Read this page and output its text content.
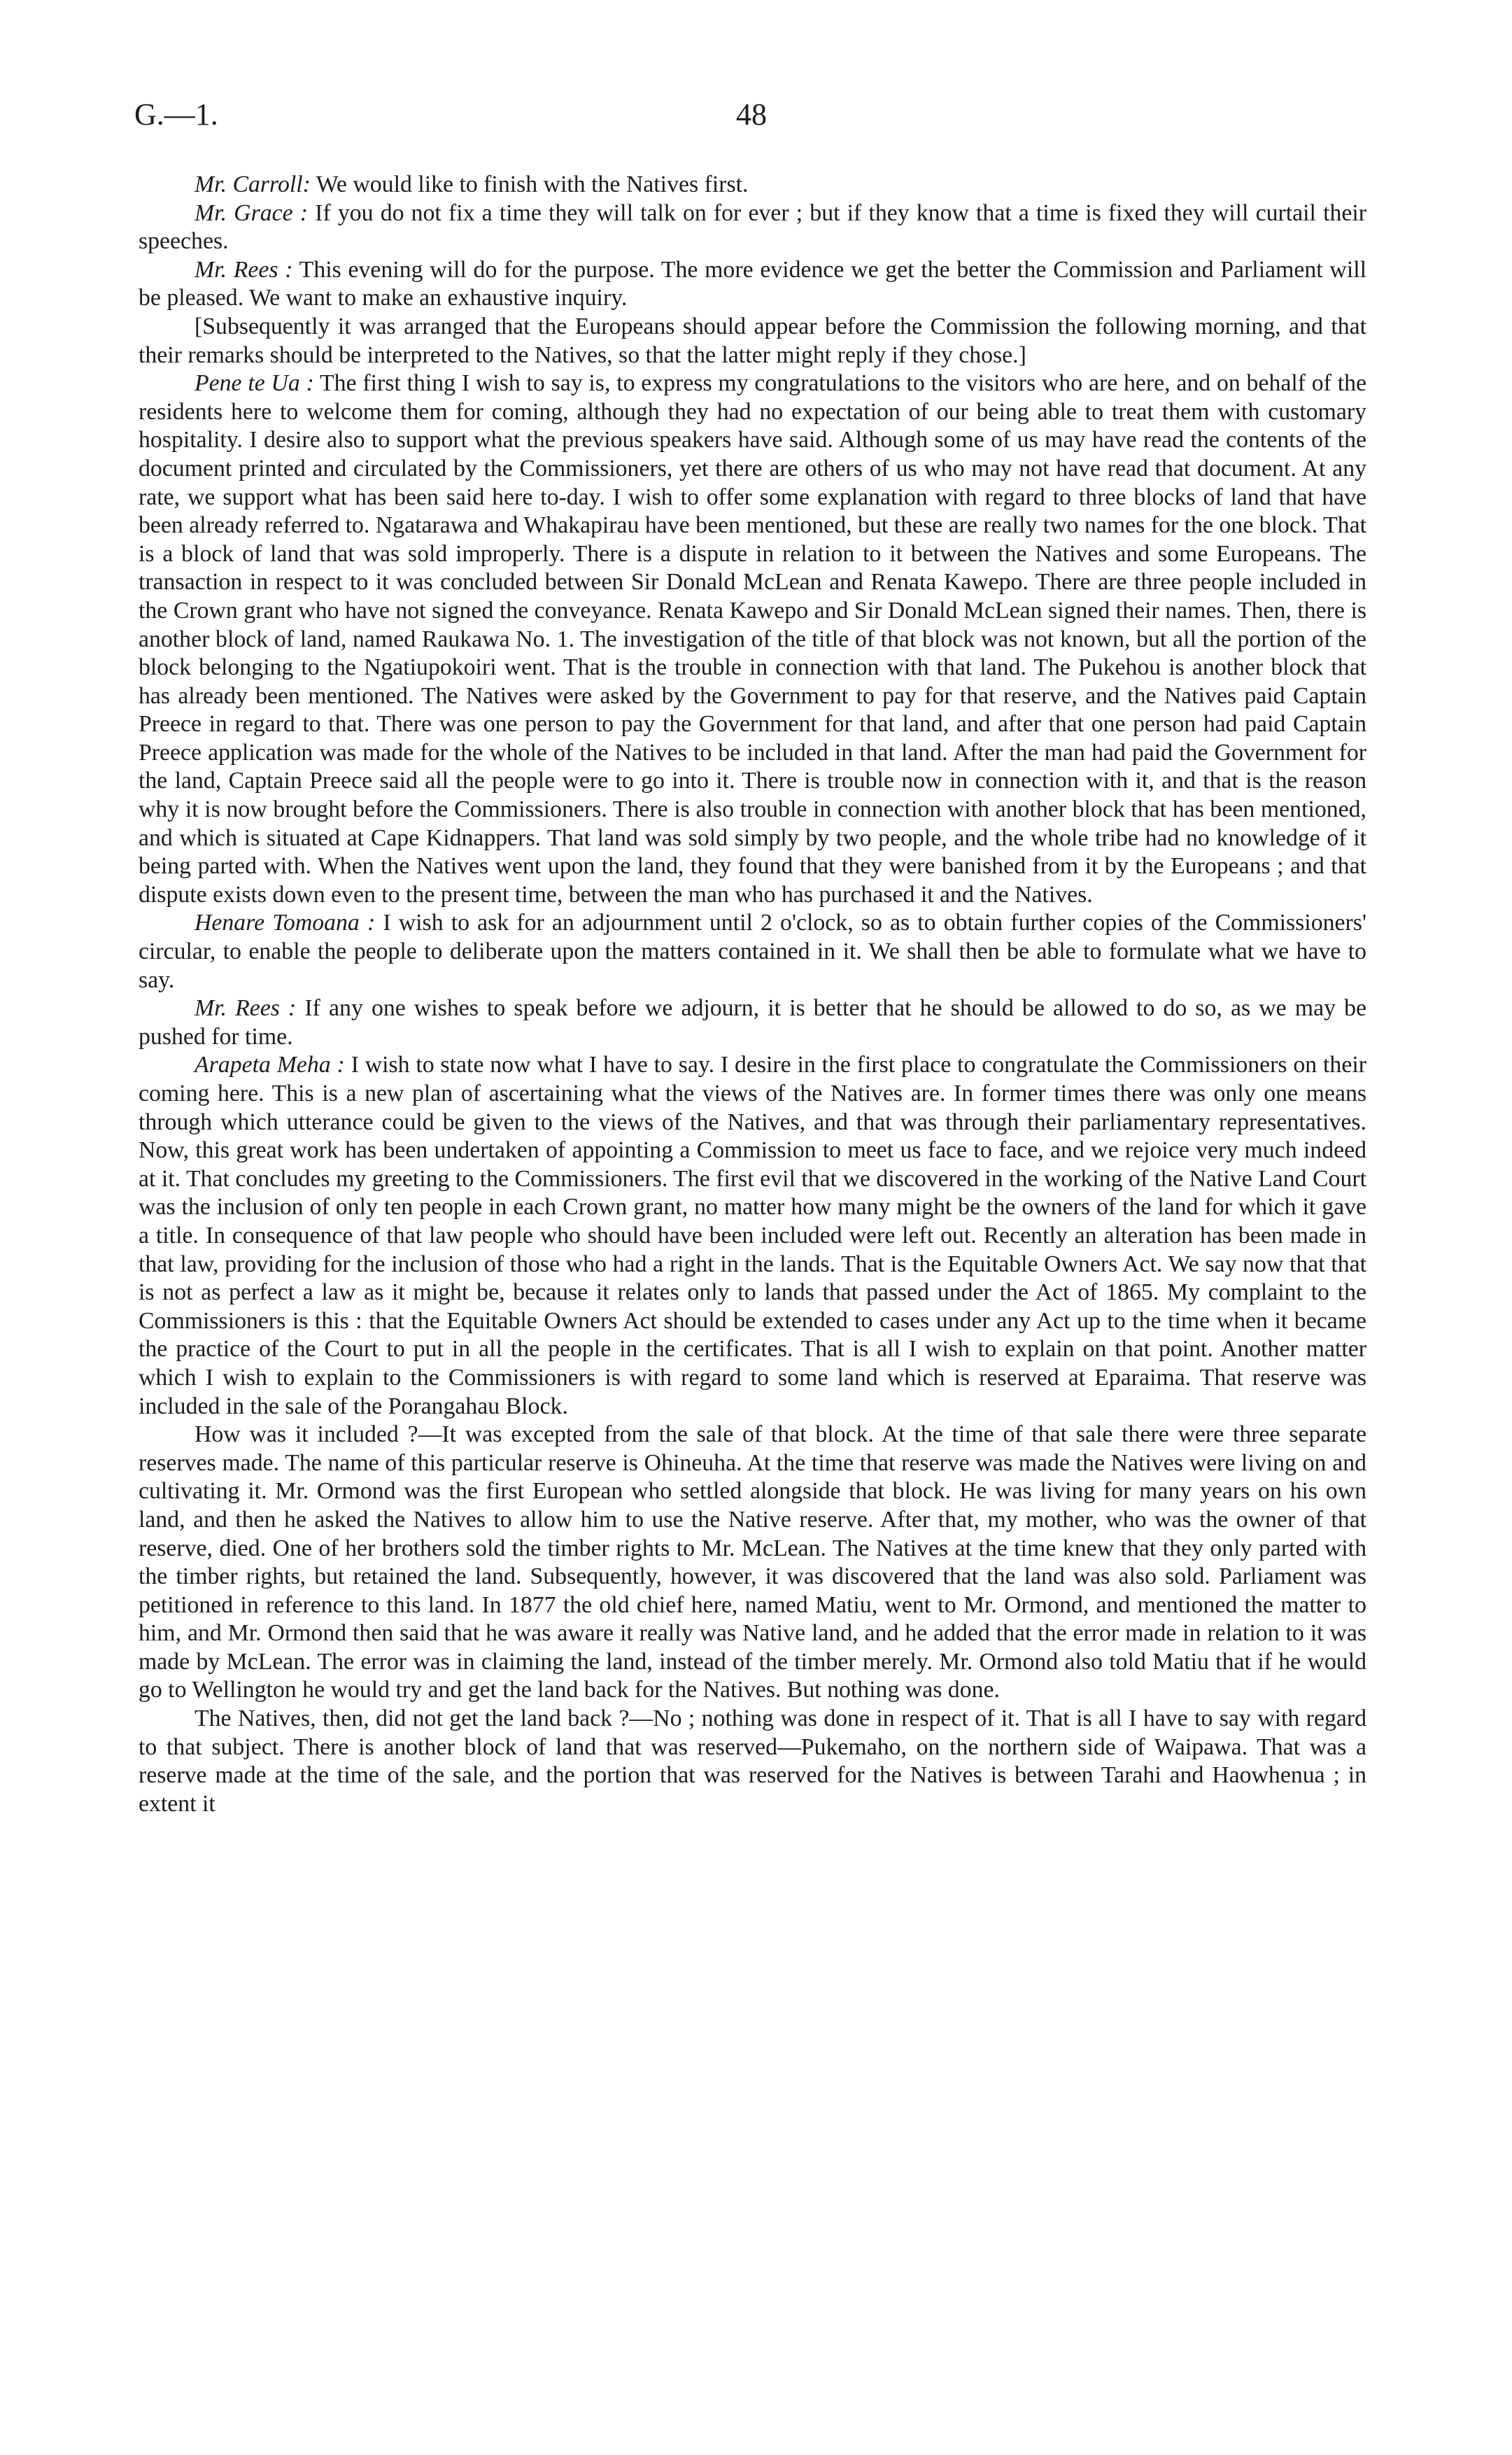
G.—1.	48

Mr. Carroll: We would like to finish with the Natives first.

Mr. Grace : If you do not fix a time they will talk on for ever ; but if they know that a time is fixed they will curtail their speeches.

Mr. Rees : This evening will do for the purpose. The more evidence we get the better the Commission and Parliament will be pleased. We want to make an exhaustive inquiry.

[Subsequently it was arranged that the Europeans should appear before the Commission the following morning, and that their remarks should be interpreted to the Natives, so that the latter might reply if they chose.]

Pene te Ua : The first thing I wish to say is, to express my congratulations to the visitors who are here, and on behalf of the residents here to welcome them for coming, although they had no expectation of our being able to treat them with customary hospitality. I desire also to support what the previous speakers have said. Although some of us may have read the contents of the document printed and circulated by the Commissioners, yet there are others of us who may not have read that document. At any rate, we support what has been said here to-day. I wish to offer some explanation with regard to three blocks of land that have been already referred to. Ngatarawa and Whakapirau have been mentioned, but these are really two names for the one block. That is a block of land that was sold improperly. There is a dispute in relation to it between the Natives and some Europeans. The transaction in respect to it was concluded between Sir Donald McLean and Renata Kawepo. There are three people included in the Crown grant who have not signed the conveyance. Renata Kawepo and Sir Donald McLean signed their names. Then, there is another block of land, named Raukawa No. 1. The investigation of the title of that block was not known, but all the portion of the block belonging to the Ngatiupokoiri went. That is the trouble in connection with that land. The Pukehou is another block that has already been mentioned. The Natives were asked by the Government to pay for that reserve, and the Natives paid Captain Preece in regard to that. There was one person to pay the Government for that land, and after that one person had paid Captain Preece application was made for the whole of the Natives to be included in that land. After the man had paid the Government for the land, Captain Preece said all the people were to go into it. There is trouble now in connection with it, and that is the reason why it is now brought before the Commissioners. There is also trouble in connection with another block that has been mentioned, and which is situated at Cape Kidnappers. That land was sold simply by two people, and the whole tribe had no knowledge of it being parted with. When the Natives went upon the land, they found that they were banished from it by the Europeans ; and that dispute exists down even to the present time, between the man who has purchased it and the Natives.

Henare Tomoana : I wish to ask for an adjournment until 2 o'clock, so as to obtain further copies of the Commissioners' circular, to enable the people to deliberate upon the matters contained in it. We shall then be able to formulate what we have to say.

Mr. Rees : If any one wishes to speak before we adjourn, it is better that he should be allowed to do so, as we may be pushed for time.

Arapeta Meha : I wish to state now what I have to say. I desire in the first place to congratulate the Commissioners on their coming here. This is a new plan of ascertaining what the views of the Natives are. In former times there was only one means through which utterance could be given to the views of the Natives, and that was through their parliamentary representatives. Now, this great work has been undertaken of appointing a Commission to meet us face to face, and we rejoice very much indeed at it. That concludes my greeting to the Commissioners. The first evil that we discovered in the working of the Native Land Court was the inclusion of only ten people in each Crown grant, no matter how many might be the owners of the land for which it gave a title. In consequence of that law people who should have been included were left out. Recently an alteration has been made in that law, providing for the inclusion of those who had a right in the lands. That is the Equitable Owners Act. We say now that that is not as perfect a law as it might be, because it relates only to lands that passed under the Act of 1865. My complaint to the Commissioners is this : that the Equitable Owners Act should be extended to cases under any Act up to the time when it became the practice of the Court to put in all the people in the certificates. That is all I wish to explain on that point. Another matter which I wish to explain to the Commissioners is with regard to some land which is reserved at Eparaima. That reserve was included in the sale of the Porangahau Block.

How was it included ?—It was excepted from the sale of that block. At the time of that sale there were three separate reserves made. The name of this particular reserve is Ohineuha. At the time that reserve was made the Natives were living on and cultivating it. Mr. Ormond was the first European who settled alongside that block. He was living for many years on his own land, and then he asked the Natives to allow him to use the Native reserve. After that, my mother, who was the owner of that reserve, died. One of her brothers sold the timber rights to Mr. McLean. The Natives at the time knew that they only parted with the timber rights, but retained the land. Subsequently, however, it was discovered that the land was also sold. Parliament was petitioned in reference to this land. In 1877 the old chief here, named Matiu, went to Mr. Ormond, and mentioned the matter to him, and Mr. Ormond then said that he was aware it really was Native land, and he added that the error made in relation to it was made by McLean. The error was in claiming the land, instead of the timber merely. Mr. Ormond also told Matiu that if he would go to Wellington he would try and get the land back for the Natives. But nothing was done.

The Natives, then, did not get the land back ?—No ; nothing was done in respect of it. That is all I have to say with regard to that subject. There is another block of land that was reserved—Pukemaho, on the northern side of Waipawa. That was a reserve made at the time of the sale, and the portion that was reserved for the Natives is between Tarahi and Haowhenua ; in extent it
